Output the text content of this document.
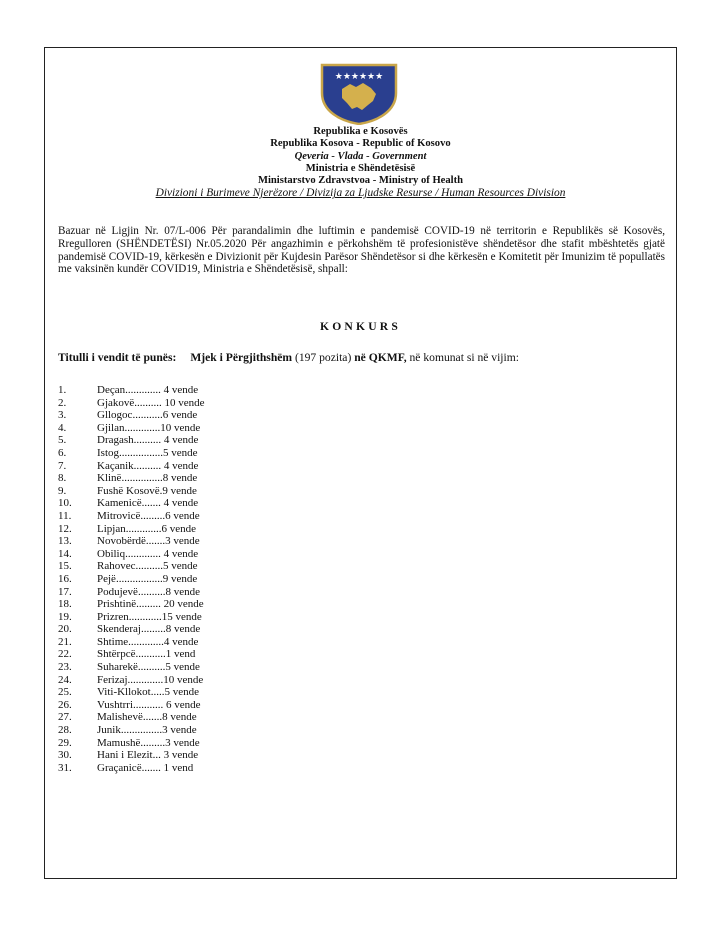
★★★★★★
Republika e Kosovës
Republika Kosova - Republic of Kosovo
Qeveria - Vlada - Government
Ministria e Shëndetësisë
Ministarstvo Zdravstvoa - Ministry of Health
Divizioni i Burimeve Njerëzore / Divizija za Ljudske Resurse / Human Resources Division
Bazuar në Ligjin Nr. 07/L-006 Për parandalimin dhe luftimin e pandemisë COVID-19 në territorin e Republikës së Kosovës, Rregulloren (SHËNDETËSI) Nr.05.2020 Për angazhimin e përkohshëm të profesionistëve shëndetësor dhe stafit mbështetës gjatë pandemisë COVID-19, kërkesën e Divizionit për Kujdesin Parësor Shëndetësor si dhe kërkesën e Komitetit për Imunizim të popullatës me vaksinën kundër COVID19, Ministria e Shëndetësisë, shpall:
KONKURS
Titulli i vendit të punës: Mjek i Përgjithshëm (197 pozita) në QKMF, në komunat si në vijim:
1.	Deçan............. 4 vende
2.	Gjakovë.......... 10 vende
3.	Gllogoc...........6 vende
4.	Gjilan.............10 vende
5.	Dragash.......... 4 vende
6.	Istog................5 vende
7.	Kaçanik.......... 4 vende
8.	Klinë...............8 vende
9.	Fushë Kosovë.9 vende
10. Kamenicë....... 4 vende
11. Mitrovicë.........6 vende
12. Lipjan.............6 vende
13. Novobërdë.......3 vende
14. Obiliq............. 4 vende
15. Rahovec..........5 vende
16. Pejë.................9 vende
17. Podujevë..........8 vende
18. Prishtinë......... 20 vende
19. Prizren............15 vende
20. Skenderaj.........8 vende
21. Shtime.............4 vende
22. Shtërpcë...........1 vend
23. Suharekë..........5 vende
24. Ferizaj.............10 vende
25. Viti-Kllokot.....5 vende
26. Vushtrri........... 6 vende
27. Malishevë.......8 vende
28. Junik...............3 vende
29. Mamushë.........3 vende
30. Hani i Elezit... 3 vende
31. Graçanicë....... 1 vend
